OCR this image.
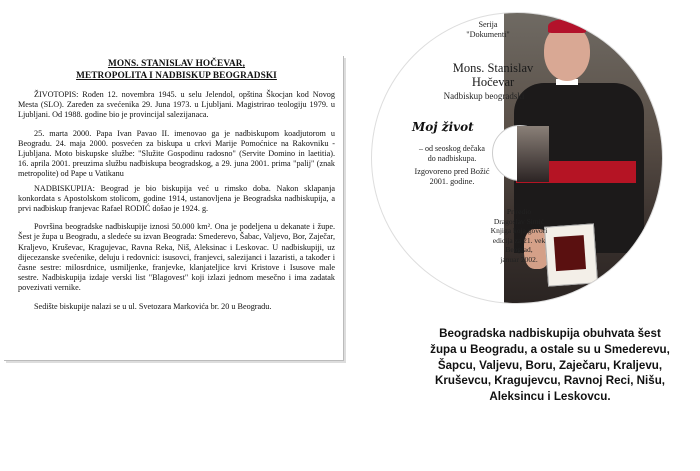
MONS. STANISLAV HOČEVAR,
METROPOLITA I NADBISKUP BEOGRADSKI

ŽIVOTOPIS: Rođen 12. novembra 1945. u selu Jelendol, opština Škocjan kod Novog Mesta (SLO). Zaređen za svećenika 29. Juna 1973. u Ljubljani. Magistrirao teologiju 1979. u Ljubljani. Od 1988. godine bio je provincijal salezijanaca.

25. marta 2000. Papa Ivan Pavao II. imenovao ga je nadbiskupom koadjutorom u Beogradu. 24. maja 2000. posvećen za biskupa u crkvi Marije Pomoćnice na Rakovniku - Ljubljana. Moto biskupske službe: "Služite Gospodinu radosno" (Servite Domino in laetitia). 16. aprila 2001. preuzima službu nadbiskupa beogradskog, a 29. juna 2001. prima "palij" (znak metropolite) od Pape u Vatikanu

NADBISKUPIJA: Beograd je bio biskupija već u rimsko doba. Nakon sklapanja konkordata s Apostolskom stolicom, godine 1914, ustanovljena je Beogradska nadbiskupija, a prvi nadbiskup franjevac Rafael RODIĆ došao je 1924. g.

Površina beogradske nadbiskupije iznosi 50.000 km². Ona je podeljena u dekanate i župe. Šest je župa u Beogradu, a sledeće su izvan Beograda: Smederevo, Šabac, Valjevo, Bor, Zaječar, Kraljevo, Kruševac, Kragujevac, Ravna Reka, Niš, Aleksinac i Leskovac. U nadbiskupiji, uz dijecezanske svećenike, deluju i redovnici: isusovci, franjevci, salezijanci i lazaristi, a također i časne sestre: milosrdnice, usmiljenke, franjevke, klanjateljice krvi Kristove i Isusove male sestre. Nadbiskupija izdaje verski list "Blagovest" koji izlazi jednom mesečno i ima zadatak povezivati vernike.

Sedište biskupije nalazi se u ul. Svetozara Markovića br. 20 u Beogradu.

Serija
"Dokumenti"
Mons. Stanislav
Hočevar
Nadbiskup beogradski
Moj život
– od seoskog dečaka
do nadbiskupa.
Izgovoreno pred Božić
2001. godine.
Priredio
Dragoslav Simić
Knjiga koja govori
edicija za 21. vek
Beograd,
januar 2002.
Beogradska nadbiskupija obuhvata šest
župa u Beogradu, a ostale su u Smederevu,
Šapcu, Valjevu, Boru, Zaječaru, Kraljevu,
Kruševcu, Kragujevcu, Ravnoj Reci, Nišu,
Aleksincu i Leskovcu.
